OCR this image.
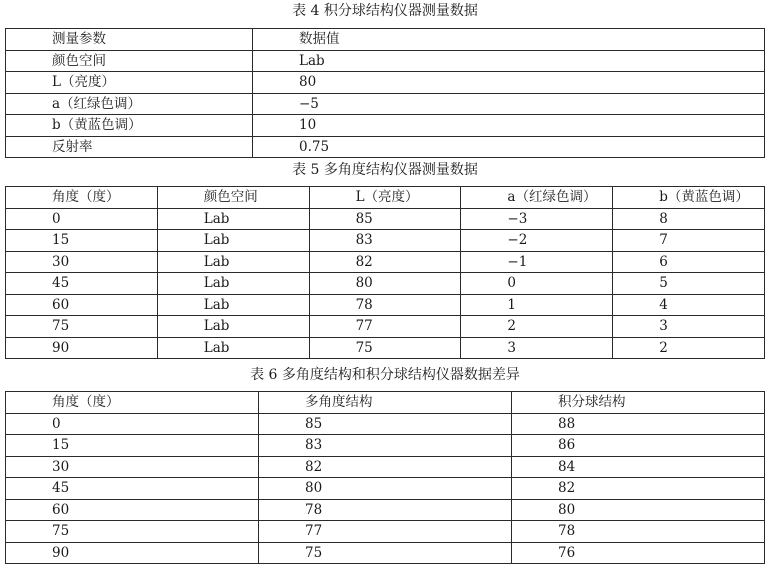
表 4 积分球结构仪器测量数据
测量参数	数据值
颜色空间	Lab
L（亮度）	80
a（红绿色调）	−5
b（黄蓝色调）	10
反射率	0.75
表 5 多角度结构仪器测量数据
角度（度）	颜色空间	L（亮度）	a（红绿色调）	b（黄蓝色调）
0	Lab	85	−3	8
15	Lab	83	−2	7
30	Lab	82	−1	6
45	Lab	80	0	5
60	Lab	78	1	4
75	Lab	77	2	3
90	Lab	75	3	2
表 6 多角度结构和积分球结构仪器数据差异
角度（度）	多角度结构	积分球结构
0	85	88
15	83	86
30	82	84
45	80	82
60	78	80
75	77	78
90	75	76
